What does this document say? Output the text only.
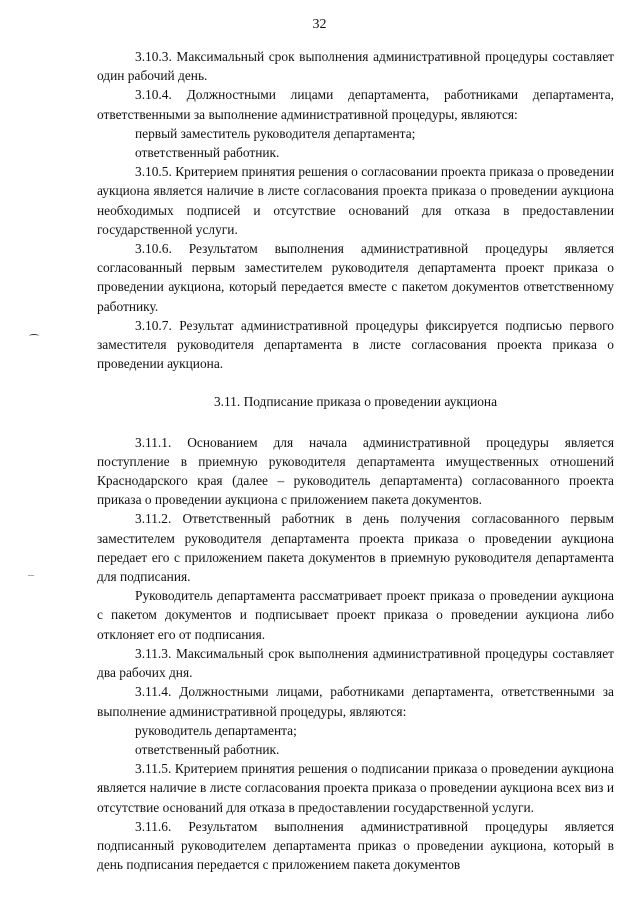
32

3.10.3. Максимальный срок выполнения административной процедуры составляет один рабочий день.

3.10.4. Должностными лицами департамента, работниками департамента, ответственными за выполнение административной процедуры, являются:

первый заместитель руководителя департамента;

ответственный работник.

3.10.5. Критерием принятия решения о согласовании проекта приказа о проведении аукциона является наличие в листе согласования проекта приказа о проведении аукциона необходимых подписей и отсутствие оснований для отказа в предоставлении государственной услуги.

3.10.6. Результатом выполнения административной процедуры является согласованный первым заместителем руководителя департамента проект приказа о проведении аукциона, который передается вместе с пакетом документов ответственному работнику.

3.10.7. Результат административной процедуры фиксируется подписью первого заместителя руководителя департамента в листе согласования проекта приказа о проведении аукциона.

3.11. Подписание приказа о проведении аукциона

3.11.1. Основанием для начала административной процедуры является поступление в приемную руководителя департамента имущественных отношений Краснодарского края (далее – руководитель департамента) согласованного проекта приказа о проведении аукциона с приложением пакета документов.

3.11.2. Ответственный работник в день получения согласованного первым заместителем руководителя департамента проекта приказа о проведении аукциона передает его с приложением пакета документов в приемную руководителя департамента для подписания.

Руководитель департамента рассматривает проект приказа о проведении аукциона с пакетом документов и подписывает проект приказа о проведении аукциона либо отклоняет его от подписания.

3.11.3. Максимальный срок выполнения административной процедуры составляет два рабочих дня.

3.11.4. Должностными лицами, работниками департамента, ответственными за выполнение административной процедуры, являются:

руководитель департамента;

ответственный работник.

3.11.5. Критерием принятия решения о подписании приказа о проведении аукциона является наличие в листе согласования проекта приказа о проведении аукциона всех виз и отсутствие оснований для отказа в предоставлении государственной услуги.

3.11.6. Результатом выполнения административной процедуры является подписанный руководителем департамента приказ о проведении аукциона, который в день подписания передается с приложением пакета документов
